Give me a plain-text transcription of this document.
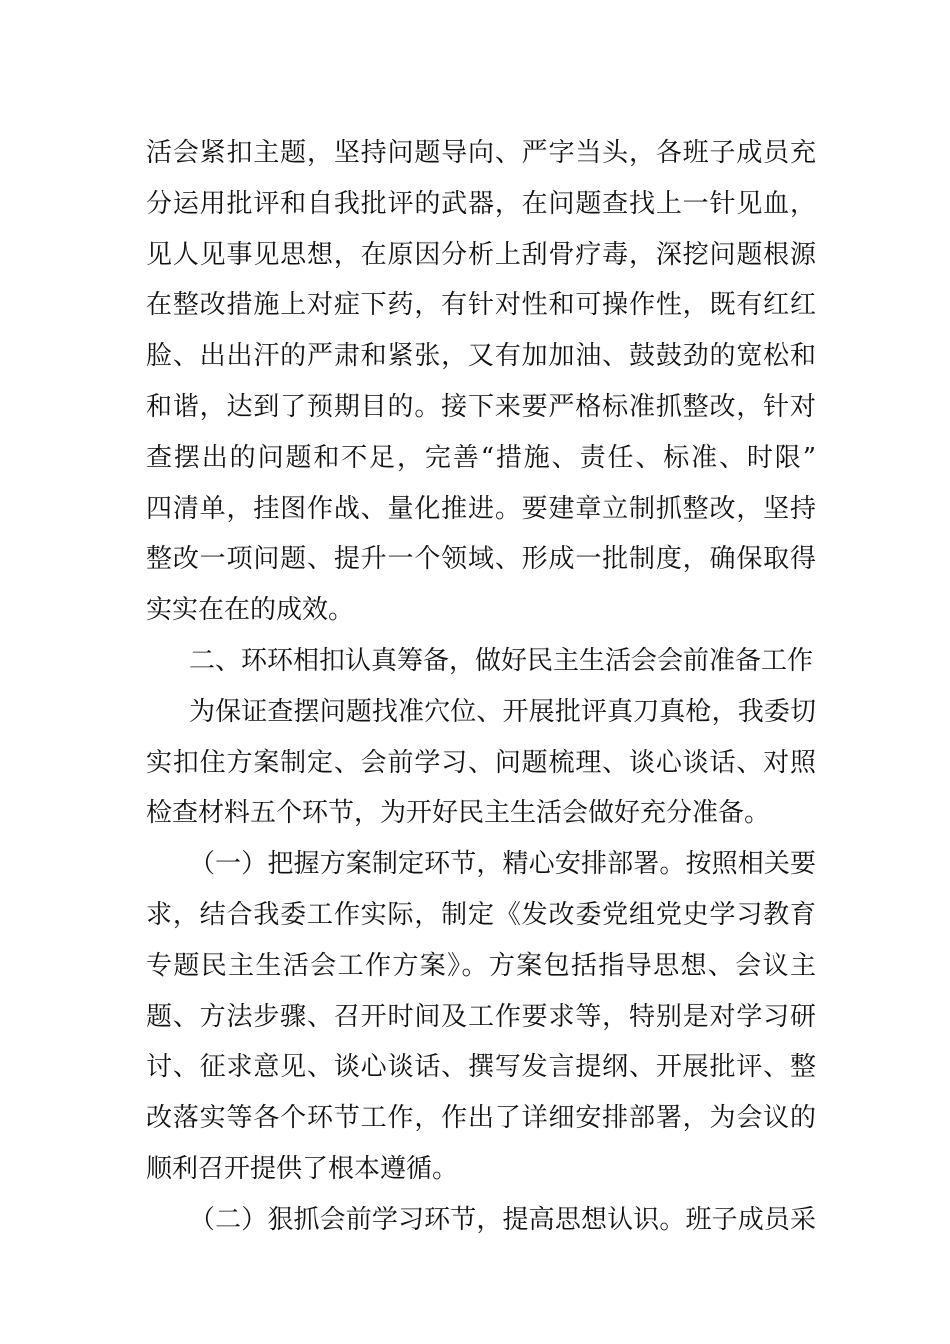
活会紧扣主题，坚持问题导向、严字当头，各班子成员充
分运用批评和自我批评的武器，在问题查找上一针见血，
见人见事见思想，在原因分析上刮骨疗毒，深挖问题根源
在整改措施上对症下药，有针对性和可操作性，既有红红
脸、出出汗的严肃和紧张，又有加加油、鼓鼓劲的宽松和
和谐，达到了预期目的。接下来要严格标准抓整改，针对
查摆出的问题和不足，完善“措施、责任、标准、时限”
四清单，挂图作战、量化推进。要建章立制抓整改，坚持
整改一项问题、提升一个领域、形成一批制度，确保取得
实实在在的成效。
二、环环相扣认真筹备，做好民主生活会会前准备工作
为保证查摆问题找准穴位、开展批评真刀真枪，我委切
实扣住方案制定、会前学习、问题梳理、谈心谈话、对照
检查材料五个环节，为开好民主生活会做好充分准备。
（一）把握方案制定环节，精心安排部署。按照相关要
求，结合我委工作实际，制定《发改委党组党史学习教育
专题民主生活会工作方案》。方案包括指导思想、会议主
题、方法步骤、召开时间及工作要求等，特别是对学习研
讨、征求意见、谈心谈话、撰写发言提纲、开展批评、整
改落实等各个环节工作，作出了详细安排部署，为会议的
顺利召开提供了根本遵循。
（二）狠抓会前学习环节，提高思想认识。班子成员采
